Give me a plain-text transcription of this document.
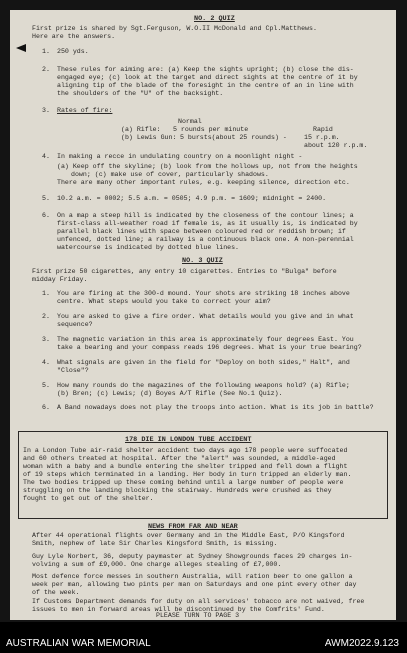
NO. 2 QUIZ
First prize is shared by Sgt.Ferguson, W.O.II McDonald and Cpl.Matthews.
Here are the answers.
1. 250 yds.
2. These rules for aiming are: (a) Keep the sights upright; (b) close the dis-
engaged eye; (c) look at the target and direct sights at the centre of it by
aligning tip of the blade of the foresight in the centre of an in line with
the shoulders of the "U" of the backsight.
3. Rates of fire:
Normal
Rapid
(a) Rifle: 5 rounds per minute
15 r.p.m.
(b) Lewis Gun: 5 bursts(about 25 rounds) -
about 120 r.p.m.
4. In making a recce in undulating country on a moonlight night -
(a) Keep off the skyline; (b) look from the hollows up, not from the heights
down; (c) make use of cover, particularly shadows.
There are many other important rules, e.g. keeping silence, direction etc.
5. 10.2 a.m. = 0002; 5.5 a.m. = 0505; 4.9 p.m. = 1609; midnight = 2400.
6. On a map a steep hill is indicated by the closeness of the contour lines; a
first-class all-weather road if female is, as it usually is, is indicated by
parallel black lines with space between coloured red or reddish brown; if
unfenced, dotted line; a railway is a continuous black one. A non-perennial
watercourse is indicated by dotted blue lines.
NO. 3 QUIZ
First prize 50 cigarettes, any entry 10 cigarettes. Entries to "Bulga" before
midday Friday.
1. You are firing at the 300-d mound. Your shots are striking 18 inches above
centre. What steps would you take to correct your aim?
2. You are asked to give a fire order. What details would you give and in what
sequence?
3. The magnetic variation in this area is approximately four degrees East. You
take a bearing and your compass reads 196 degrees. What is your true bearing?
4. What signals are given in the field for "Deploy on both sides," Halt", and
"Close"?
5. How many rounds do the magazines of the following weapons hold? (a) Rifle;
(b) Bren; (c) Lewis; (d) Boyes A/T Rifle (See No.1 Quiz).
6. A Band nowadays does not play the troops into action. What is its job in battle?
178 DIE IN LONDON TUBE ACCIDENT
In a London Tube air-raid shelter accident two days ago 178 people were suffocated
and 60 others treated at hospital. After the "alert" was sounded, a middle-aged
woman with a baby and a bundle entering the shelter tripped and fell down a flight
of 19 steps which terminated in a landing. Her body in turn tripped an elderly man.
The two bodies tripped up these coming behind until a large number of people were
struggling on the landing blocking the stairway. Hundreds were crushed as they
fought to get out of the shelter.
NEWS FROM FAR AND NEAR
After 44 operational flights over Germany and in the Middle East, P/O Kingsford
Smith, nephew of late Sir Charles Kingsford Smith, is missing.
Guy Lyle Norbert, 36, deputy paymaster at Sydney Showgrounds faces 29 charges in-
volving a sum of £9,000. One charge alleges stealing of £7,000.
Most defence force messes in southern Australia, will ration beer to one gallon a
week per man, allowing two pints per man on Saturdays and one pint every other day
of the week.
If Customs Department demands for duty on all services' tobacco are not waived, free
issues to men in forward areas will be discontinued by the Comfrits' Fund.
PLEASE TURN TO PAGE 3
AUSTRALIAN WAR MEMORIAL	AWM2022.9.123
